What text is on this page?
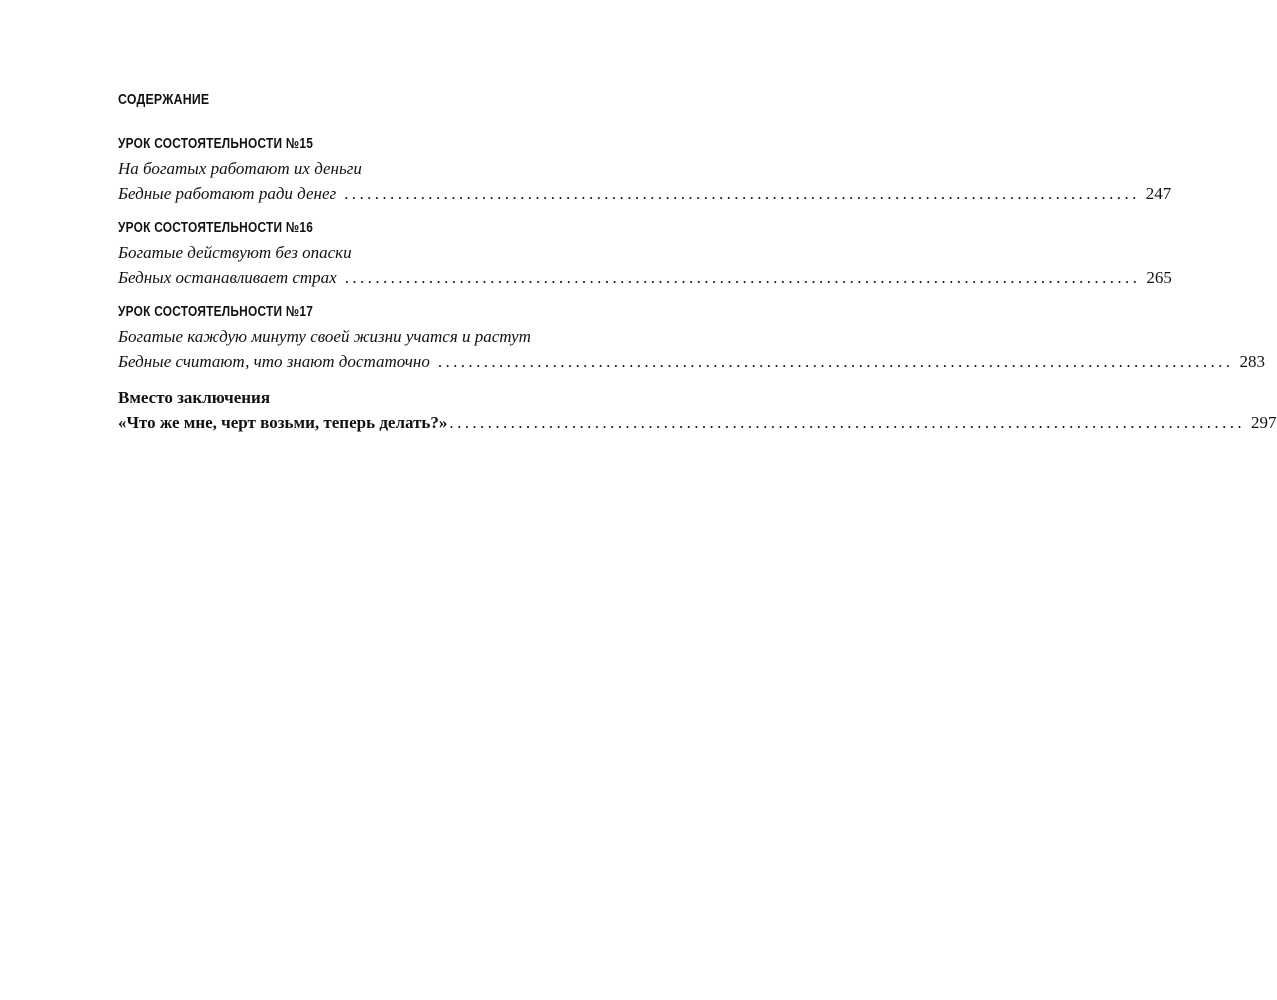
СОДЕРЖАНИЕ
УРОК СОСТОЯТЕЛЬНОСТИ №15
На богатых работают их деньги
Бедные работают ради денег ........................................................................................................ 247
УРОК СОСТОЯТЕЛЬНОСТИ №16
Богатые действуют без опаски
Бедных останавливает страх ........................................................................................................ 265
УРОК СОСТОЯТЕЛЬНОСТИ №17
Богатые каждую минуту своей жизни учатся и растут
Бедные считают, что знают достаточно ........................................................................................................ 283
Вместо заключения
«Что же мне, черт возьми, теперь делать?» ........................................................................................................ 297
